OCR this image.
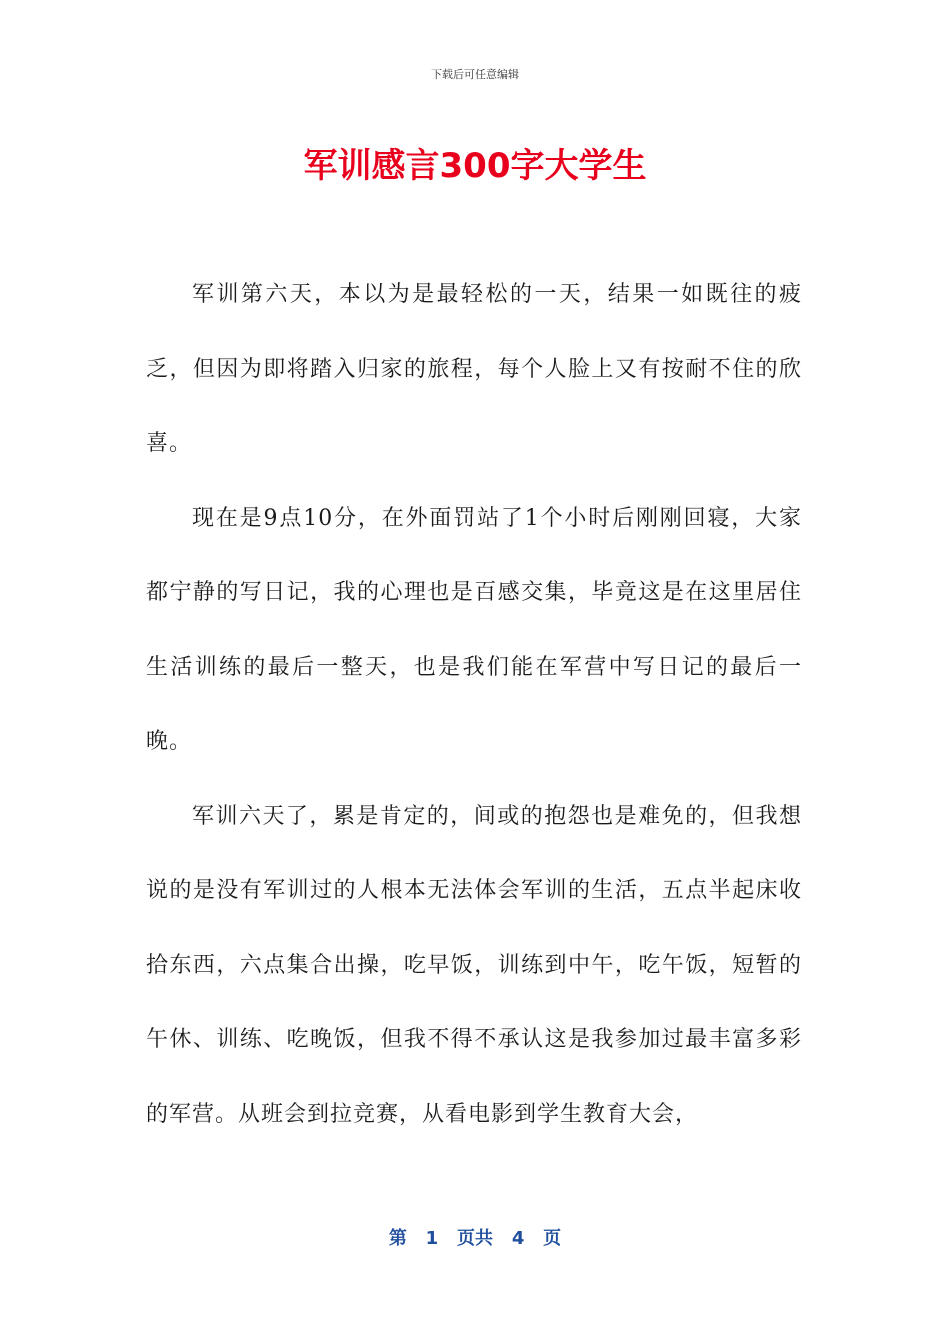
下载后可任意编辑
军训感言300字大学生

军训第六天，本以为是最轻松的一天，结果一如既往的疲乏，但因为即将踏入归家的旅程，每个人脸上又有按耐不住的欣喜。

现在是9点10分，在外面罚站了1个小时后刚刚回寝，大家都宁静的写日记，我的心理也是百感交集，毕竟这是在这里居住生活训练的最后一整天，也是我们能在军营中写日记的最后一晚。

军训六天了，累是肯定的，间或的抱怨也是难免的，但我想说的是没有军训过的人根本无法体会军训的生活，五点半起床收拾东西，六点集合出操，吃早饭，训练到中午，吃午饭，短暂的午休、训练、吃晚饭，但我不得不承认这是我参加过最丰富多彩的军营。从班会到拉竞赛，从看电影到学生教育大会，

第 1 页共 4 页
